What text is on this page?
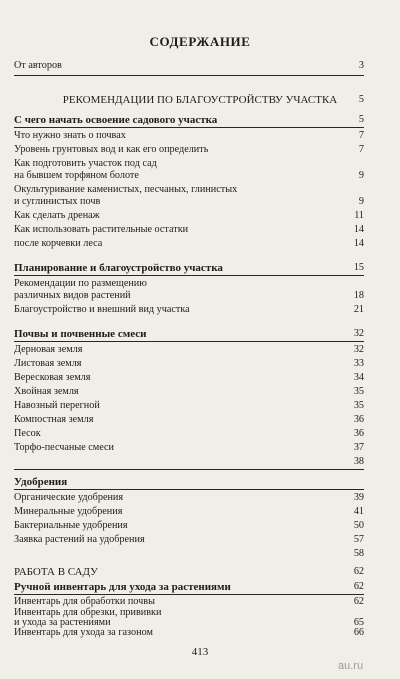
СОДЕРЖАНИЕ
От авторов	3
РЕКОМЕНДАЦИИ ПО БЛАГОУСТРОЙСТВУ УЧАСТКА	5
С чего начать освоение садового участка	5
Что нужно знать о почвах	7
Уровень грунтовых вод и как его определить	7
Как подготовить участок под сад
на бывшем торфяном болоте	9
Окультуривание каменистых, песчаных, глинистых
и суглинистых почв	9
Как сделать дренаж	11
Как использовать растительные остатки	14
после корчевки леса	14
Планирование и благоустройство участка	15
Рекомендации по размещению
различных видов растений	18
Благоустройство и внешний вид участка	21
Почвы и почвенные смеси	32
Дерновая земля	32
Листовая земля	33
Вересковая земля	34
Хвойная земля	35
Навозный перегной	35
Компостная земля	36
Песок	36
Торфо-песчаные смеси	37
38
Удобрения
Органические удобрения	39
Минеральные удобрения	41
Бактериальные удобрения	50
Заявка растений на удобрения	57
58
РАБОТА В САДУ	62
Ручной инвентарь для ухода за растениями	62
Инвентарь для обработки почвы	62
Инвентарь для обрезки, прививки
и ухода за растениями	65
Инвентарь для ухода за газоном	66
413
au.ru
